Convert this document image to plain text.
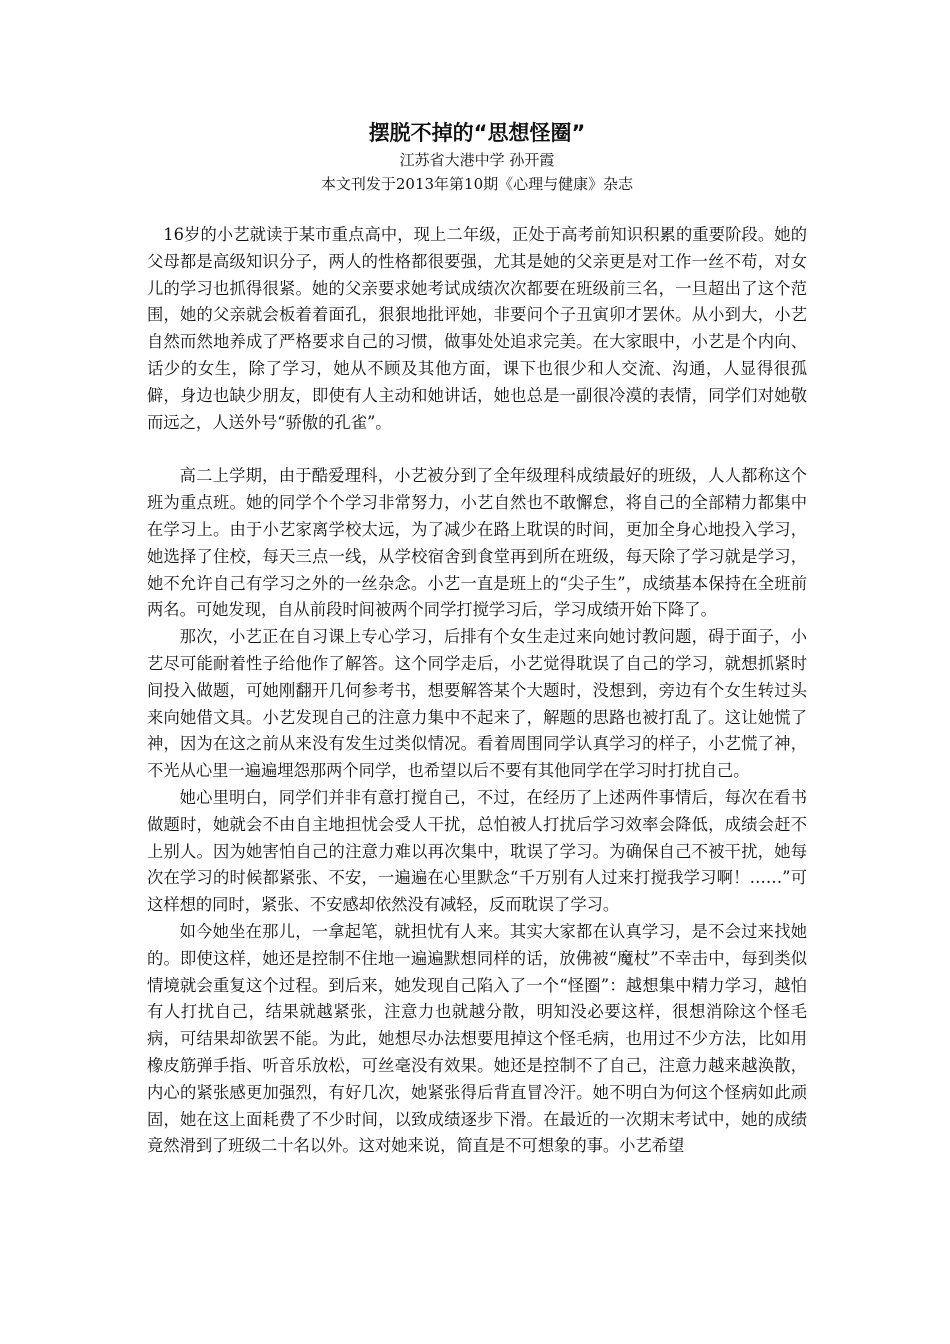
摆脱不掉的“思想怪圈”

江苏省大港中学 孙开霞

本文刊发于2013年第10期《心理与健康》杂志

16岁的小艺就读于某市重点高中，现上二年级，正处于高考前知识积累的重要阶段。她的父母都是高级知识分子，两人的性格都很要强，尤其是她的父亲更是对工作一丝不苟，对女儿的学习也抓得很紧。她的父亲要求她考试成绩次次都要在班级前三名，一旦超出了这个范围，她的父亲就会板着着面孔，狠狠地批评她，非要问个子丑寅卯才罢休。从小到大，小艺自然而然地养成了严格要求自己的习惯，做事处处追求完美。在大家眼中，小艺是个内向、话少的女生，除了学习，她从不顾及其他方面，课下也很少和人交流、沟通，人显得很孤僻，身边也缺少朋友，即使有人主动和她讲话，她也总是一副很冷漠的表情，同学们对她敬而远之，人送外号“骄傲的孔雀”。

高二上学期，由于酷爱理科，小艺被分到了全年级理科成绩最好的班级，人人都称这个班为重点班。她的同学个个学习非常努力，小艺自然也不敢懈怠，将自己的全部精力都集中在学习上。由于小艺家离学校太远，为了减少在路上耽误的时间，更加全身心地投入学习，她选择了住校，每天三点一线，从学校宿舍到食堂再到所在班级，每天除了学习就是学习，她不允许自己有学习之外的一丝杂念。小艺一直是班上的“尖子生”，成绩基本保持在全班前两名。可她发现，自从前段时间被两个同学打搅学习后，学习成绩开始下降了。

那次，小艺正在自习课上专心学习，后排有个女生走过来向她讨教问题，碍于面子，小艺尽可能耐着性子给他作了解答。这个同学走后，小艺觉得耽误了自己的学习，就想抓紧时间投入做题，可她刚翻开几何参考书，想要解答某个大题时，没想到，旁边有个女生转过头来向她借文具。小艺发现自己的注意力集中不起来了，解题的思路也被打乱了。这让她慌了神，因为在这之前从来没有发生过类似情况。看着周围同学认真学习的样子，小艺慌了神，不光从心里一遍遍埋怨那两个同学，也希望以后不要有其他同学在学习时打扰自己。

她心里明白，同学们并非有意打搅自己，不过，在经历了上述两件事情后，每次在看书做题时，她就会不由自主地担忧会受人干扰，总怕被人打扰后学习效率会降低，成绩会赶不上别人。因为她害怕自己的注意力难以再次集中，耽误了学习。为确保自己不被干扰，她每次在学习的时候都紧张、不安，一遍遍在心里默念“千万别有人过来打搅我学习啊！……”可这样想的同时，紧张、不安感却依然没有减轻，反而耽误了学习。

如今她坐在那儿，一拿起笔，就担忧有人来。其实大家都在认真学习，是不会过来找她的。即使这样，她还是控制不住地一遍遍默想同样的话，放佛被“魔杖”不幸击中，每到类似情境就会重复这个过程。到后来，她发现自己陷入了一个“怪圈”：越想集中精力学习，越怕有人打扰自己，结果就越紧张，注意力也就越分散，明知没必要这样，很想消除这个怪毛病，可结果却欲罢不能。为此，她想尽办法想要甩掉这个怪毛病，也用过不少方法，比如用橡皮筋弹手指、听音乐放松，可丝毫没有效果。她还是控制不了自己，注意力越来越涣散，内心的紧张感更加强烈，有好几次，她紧张得后背直冒冷汗。她不明白为何这个怪病如此顽固，她在这上面耗费了不少时间，以致成绩逐步下滑。在最近的一次期末考试中，她的成绩竟然滑到了班级二十名以外。这对她来说，简直是不可想象的事。小艺希望
